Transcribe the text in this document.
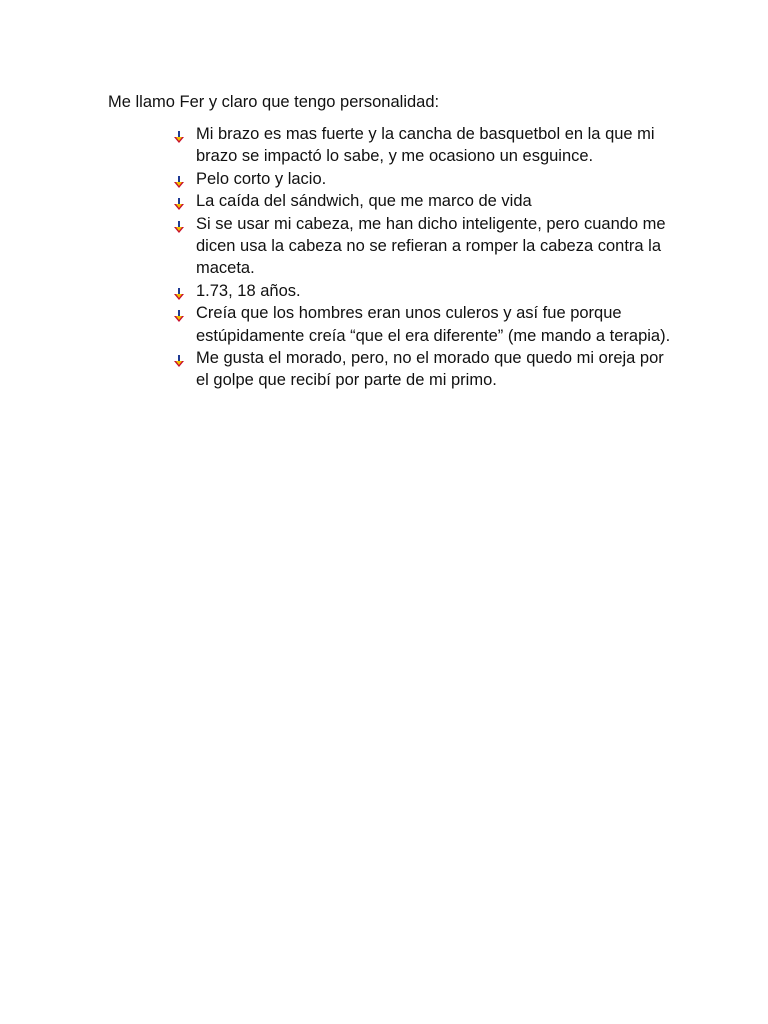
Me llamo Fer y claro que tengo personalidad:
Mi brazo es mas fuerte y la cancha de basquetbol en la que mi brazo se impactó lo sabe, y me ocasiono un esguince.
Pelo corto y lacio.
La caída del sándwich, que me marco de vida
Si se usar mi cabeza, me han dicho inteligente, pero cuando me dicen usa la cabeza no se refieran a romper la cabeza contra la maceta.
1.73, 18 años.
Creía que los hombres eran unos culeros y así fue porque estúpidamente creía “que el era diferente” (me mando a terapia).
Me gusta el morado, pero, no el morado que quedo mi oreja por el golpe que recibí por parte de mi primo.
